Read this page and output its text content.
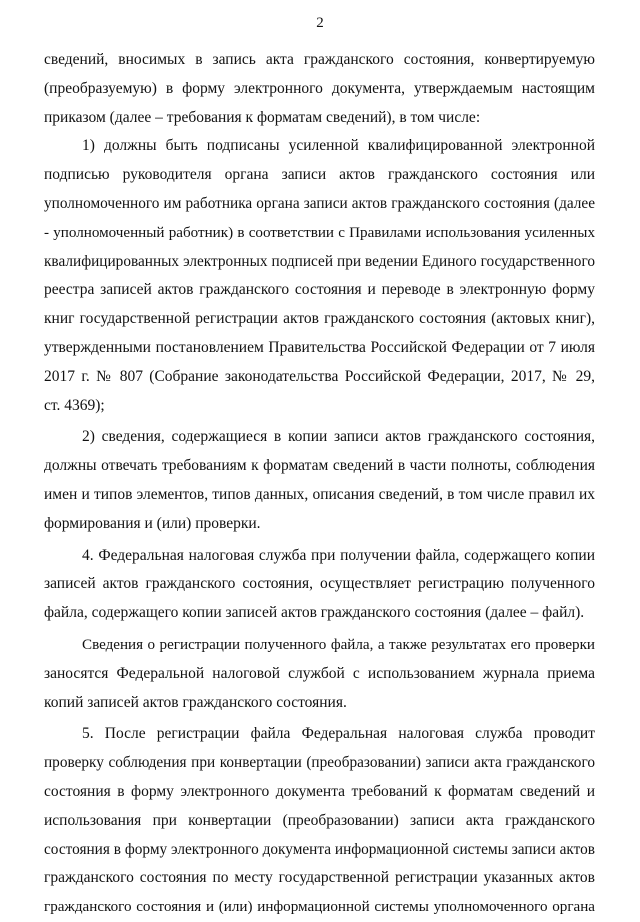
2

сведений, вносимых в запись акта гражданского состояния, конвертируемую

(преобразуемую) в форму электронного документа, утверждаемым настоящим

приказом (далее – требования к форматам сведений), в том числе:

1) должны быть подписаны усиленной квалифицированной электронной

подписью руководителя органа записи актов гражданского состояния или

уполномоченного им работника органа записи актов гражданского состояния (далее

- уполномоченный работник) в соответствии с Правилами использования усиленных

квалифицированных электронных подписей при ведении Единого государственного

реестра записей актов гражданского состояния и переводе в электронную форму

книг государственной регистрации актов гражданского состояния (актовых книг),

утвержденными постановлением Правительства Российской Федерации от 7 июля

2017 г. № 807 (Собрание законодательства Российской Федерации, 2017, № 29,

ст. 4369);

2) сведения, содержащиеся в копии записи актов гражданского состояния,

должны отвечать требованиям к форматам сведений в части полноты, соблюдения

имен и типов элементов, типов данных, описания сведений, в том числе правил их

формирования и (или) проверки.

4. Федеральная налоговая служба при получении файла, содержащего копии

записей актов гражданского состояния, осуществляет регистрацию полученного

файла, содержащего копии записей актов гражданского состояния (далее – файл).

Сведения о регистрации полученного файла, а также результатах его проверки

заносятся Федеральной налоговой службой с использованием журнала приема

копий записей актов гражданского состояния.

5. После регистрации файла Федеральная налоговая служба проводит

проверку соблюдения при конвертации (преобразовании) записи акта гражданского

состояния в форму электронного документа требований к форматам сведений и

использования при конвертации (преобразовании) записи акта гражданского

состояния в форму электронного документа информационной системы записи актов

гражданского состояния по месту государственной регистрации указанных актов

гражданского состояния и (или) информационной системы уполномоченного органа
